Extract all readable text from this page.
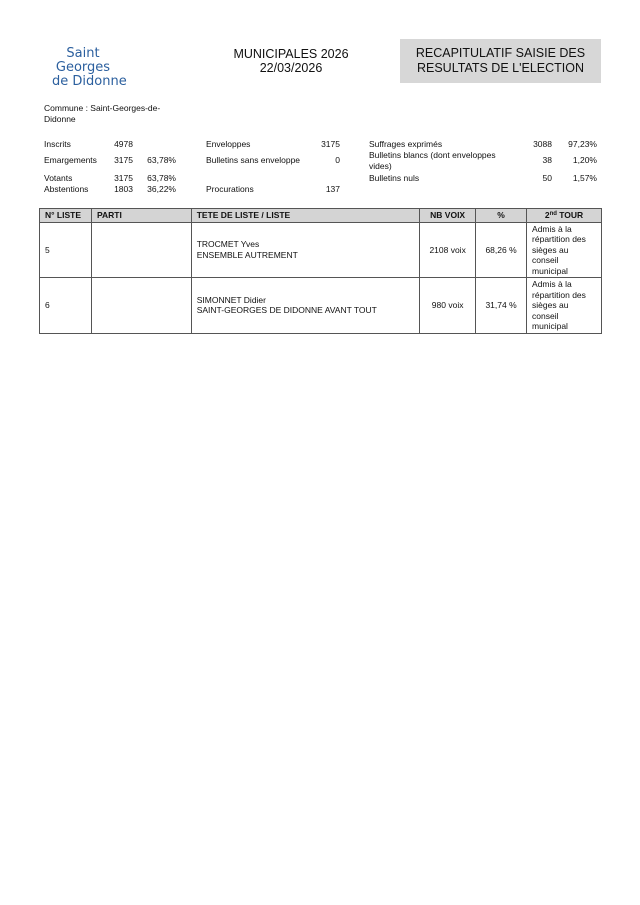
Saint
Georges
de Didonne
MUNICIPALES 2026
22/03/2026
RECAPITULATIF SAISIE DES
RESULTATS DE L'ELECTION
Commune : Saint-Georges-de-Didonne
Inscrits	4978
Emargements	3175	63,78%
Votants	3175	63,78%
Abstentions	1803	36,22%
Enveloppes	3175
Bulletins sans enveloppe	0
Procurations	137
Suffrages exprimés	3088	97,23%
Bulletins blancs (dont enveloppes vides)
38	1,20%
Bulletins nuls	50	1,57%
N° LISTE	PARTI	TETE DE LISTE / LISTE	NB VOIX	%	2nd TOUR
5		TROCMET Yves
ENSEMBLE AUTREMENT	2108 voix	68,26 %	Admis à la répartition des sièges au conseil municipal
6		SIMONNET Didier
SAINT-GEORGES DE DIDONNE AVANT TOUT	980 voix	31,74 %	Admis à la répartition des sièges au conseil municipal
